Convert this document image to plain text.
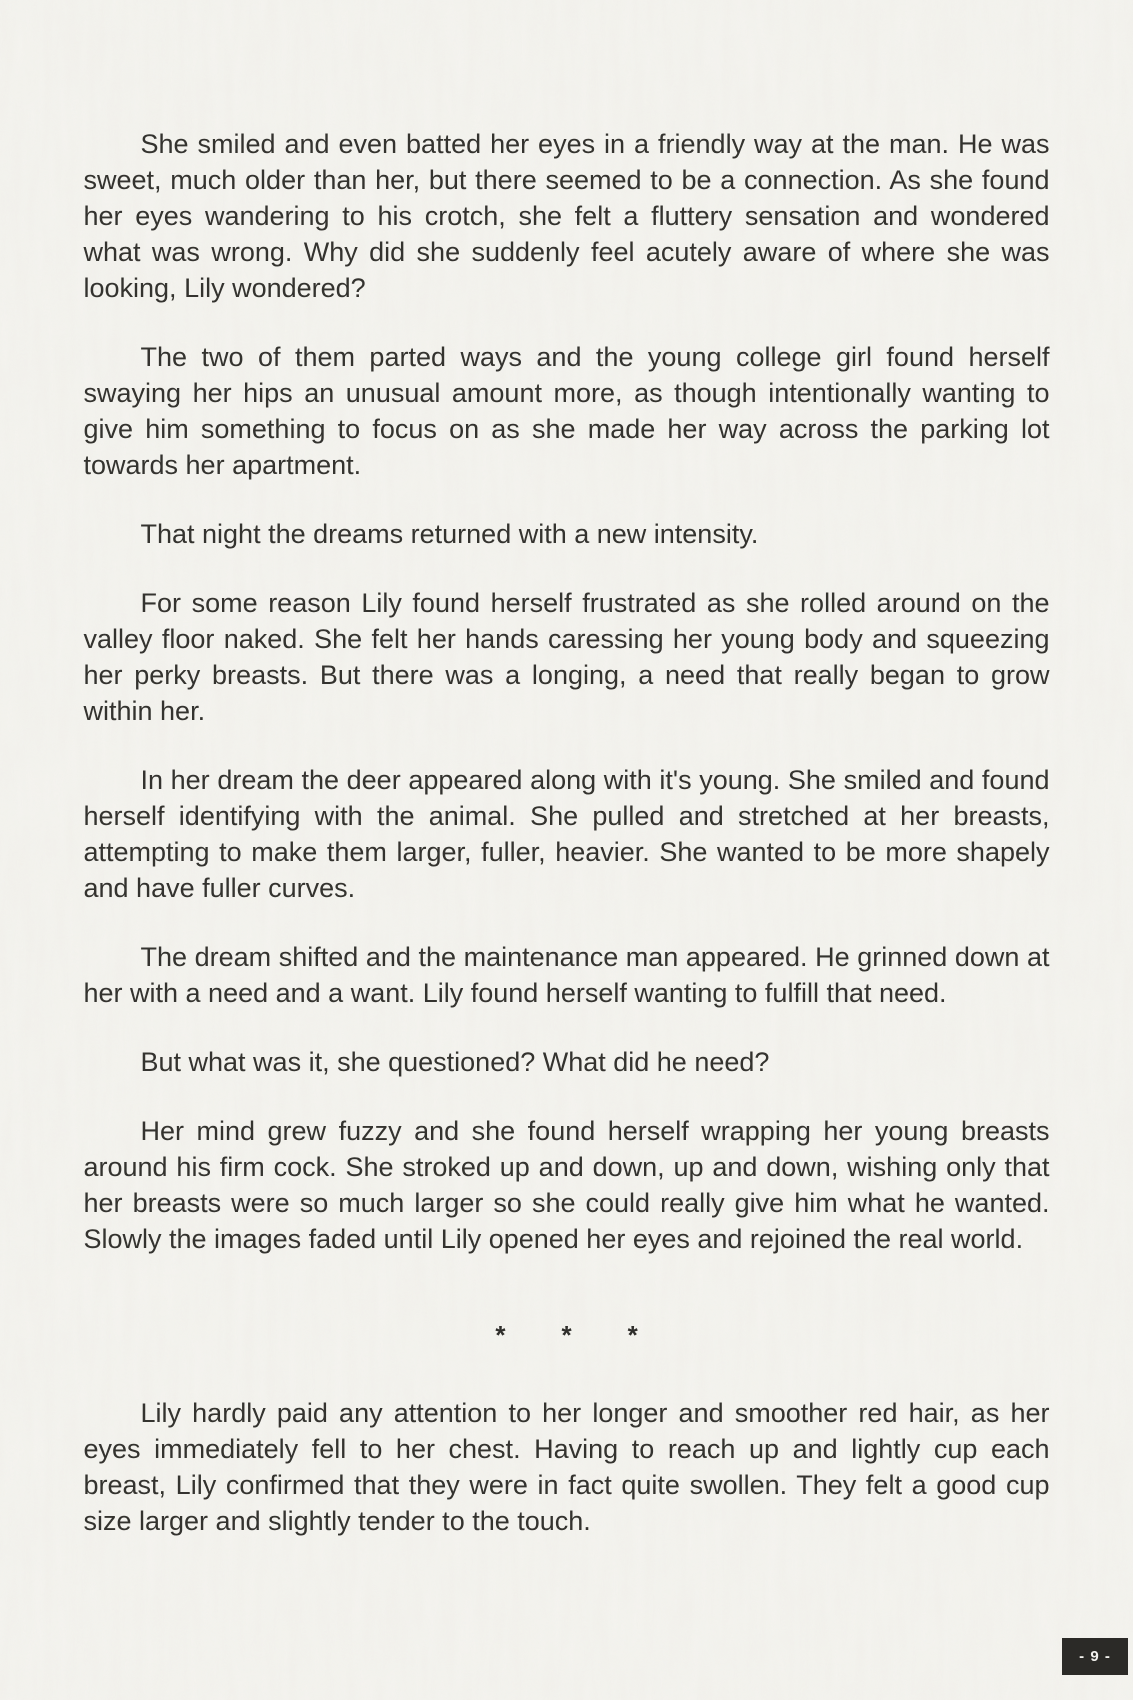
She smiled and even batted her eyes in a friendly way at the man. He was sweet, much older than her, but there seemed to be a connection. As she found her eyes wandering to his crotch, she felt a fluttery sensation and wondered what was wrong. Why did she suddenly feel acutely aware of where she was looking, Lily wondered?

The two of them parted ways and the young college girl found herself swaying her hips an unusual amount more, as though intentionally wanting to give him something to focus on as she made her way across the parking lot towards her apartment.

That night the dreams returned with a new intensity.

For some reason Lily found herself frustrated as she rolled around on the valley floor naked. She felt her hands caressing her young body and squeezing her perky breasts. But there was a longing, a need that really began to grow within her.

In her dream the deer appeared along with it's young. She smiled and found herself identifying with the animal. She pulled and stretched at her breasts, attempting to make them larger, fuller, heavier. She wanted to be more shapely and have fuller curves.

The dream shifted and the maintenance man appeared. He grinned down at her with a need and a want. Lily found herself wanting to fulfill that need.

But what was it, she questioned? What did he need?

Her mind grew fuzzy and she found herself wrapping her young breasts around his firm cock. She stroked up and down, up and down, wishing only that her breasts were so much larger so she could really give him what he wanted. Slowly the images faded until Lily opened her eyes and rejoined the real world.

* * *

Lily hardly paid any attention to her longer and smoother red hair, as her eyes immediately fell to her chest. Having to reach up and lightly cup each breast, Lily confirmed that they were in fact quite swollen. They felt a good cup size larger and slightly tender to the touch.

- 9 -
